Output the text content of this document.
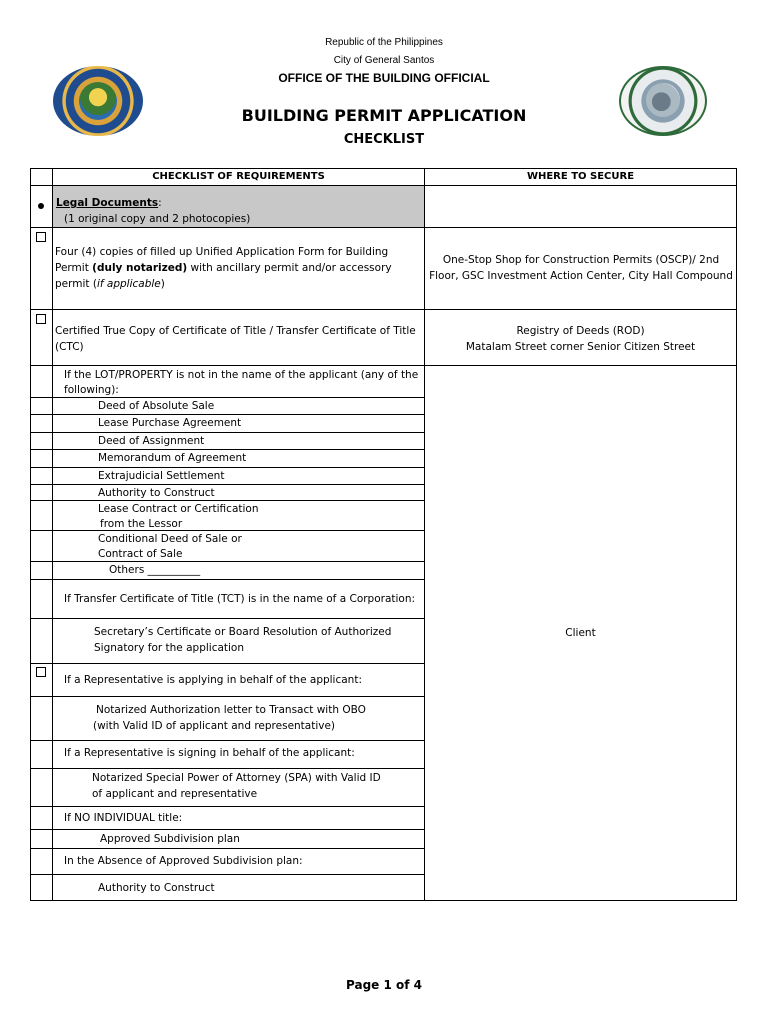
Republic of the Philippines
City of General Santos
OFFICE OF THE BUILDING OFFICIAL
BUILDING PERMIT APPLICATION
CHECKLIST
CHECKLIST OF REQUIREMENTS	WHERE TO SECURE
Legal Documents:
(1 original copy and 2 photocopies)
Four (4) copies of filled up Unified Application Form for Building Permit (duly notarized) with ancillary permit and/or accessory permit (if applicable)
One-Stop Shop for Construction Permits (OSCP)/ 2nd Floor, GSC Investment Action Center, City Hall Compound
Certified True Copy of Certificate of Title / Transfer Certificate of Title (CTC)
Registry of Deeds (ROD)
Matalam Street corner Senior Citizen Street
If the LOT/PROPERTY is not in the name of the applicant (any of the following):
Deed of Absolute Sale
Lease Purchase Agreement
Deed of Assignment
Memorandum of Agreement
Extrajudicial Settlement
Authority to Construct
Lease Contract or Certification
from the Lessor
Conditional Deed of Sale or
Contract of Sale
Others __________
If Transfer Certificate of Title (TCT) is in the name of a Corporation:
Secretary’s Certificate or Board Resolution of Authorized Signatory for the application
Client
If a Representative is applying in behalf of the applicant:
Notarized Authorization letter to Transact with OBO
(with Valid ID of applicant and representative)
If a Representative is signing in behalf of the applicant:
Notarized Special Power of Attorney (SPA) with Valid ID of applicant and representative
If NO INDIVIDUAL title:
Approved Subdivision plan
In the Absence of Approved Subdivision plan:
Authority to Construct
Page 1 of 4
